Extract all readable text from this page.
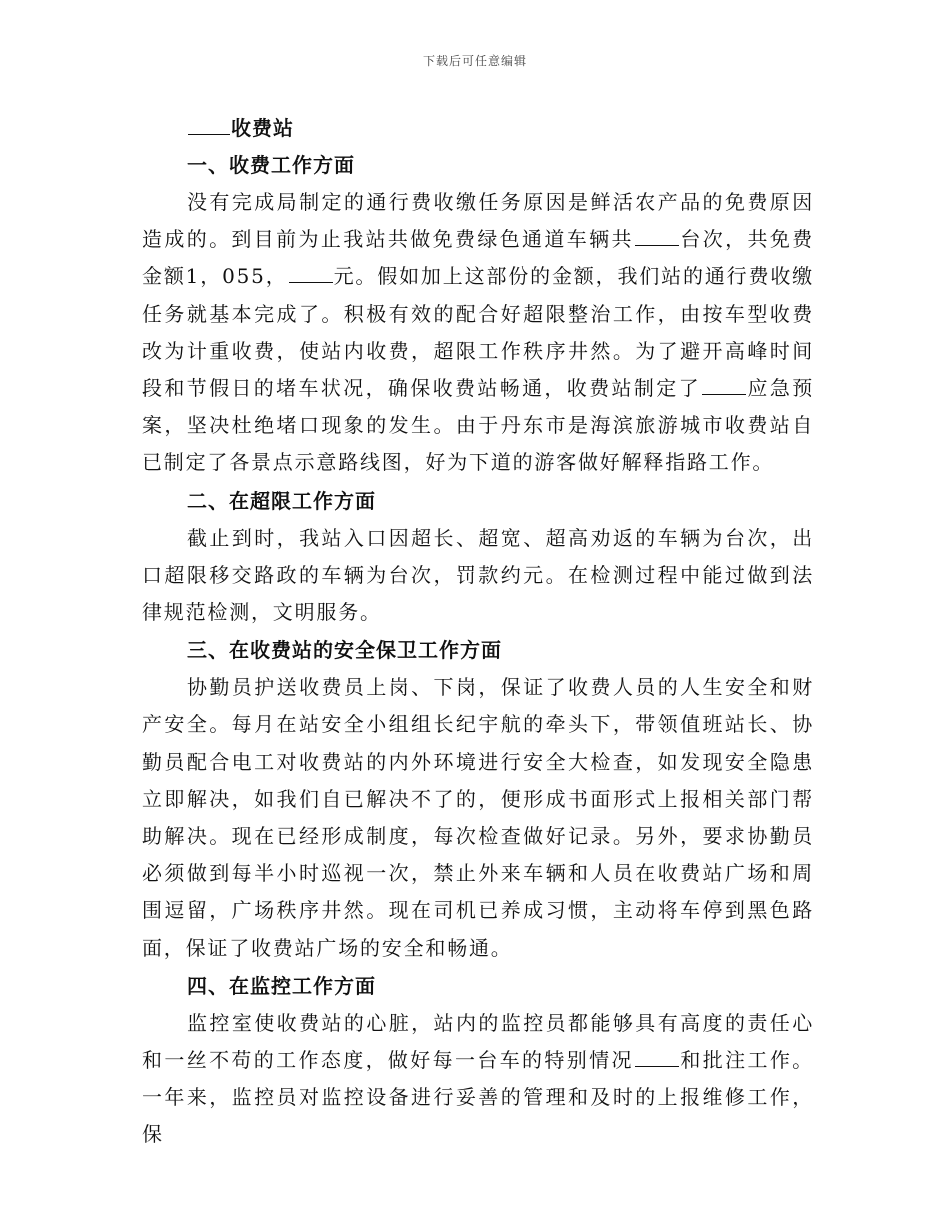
下载后可任意编辑
收费站
一、收费工作方面

没有完成局制定的通行费收缴任务原因是鲜活农产品的免费原因造成的。到目前为止我站共做免费绿色通道车辆共 台次，共免费金额1，055， 元。假如加上这部份的金额，我们站的通行费收缴任务就基本完成了。积极有效的配合好超限整治工作，由按车型收费改为计重收费，使站内收费，超限工作秩序井然。为了避开高峰时间段和节假日的堵车状况，确保收费站畅通，收费站制定了 应急预案，坚决杜绝堵口现象的发生。由于丹东市是海滨旅游城市收费站自已制定了各景点示意路线图，好为下道的游客做好解释指路工作。

二、在超限工作方面

截止到时，我站入口因超长、超宽、超高劝返的车辆为台次，出口超限移交路政的车辆为台次，罚款约元。在检测过程中能过做到法律规范检测，文明服务。

三、在收费站的安全保卫工作方面

协勤员护送收费员上岗、下岗，保证了收费人员的人生安全和财产安全。每月在站安全小组组长纪宇航的牵头下，带领值班站长、协勤员配合电工对收费站的内外环境进行安全大检查，如发现安全隐患立即解决，如我们自已解决不了的，便形成书面形式上报相关部门帮助解决。现在已经形成制度，每次检查做好记录。另外，要求协勤员必须做到每半小时巡视一次，禁止外来车辆和人员在收费站广场和周围逗留，广场秩序井然。现在司机已养成习惯，主动将车停到黑色路面，保证了收费站广场的安全和畅通。

四、在监控工作方面

监控室使收费站的心脏，站内的监控员都能够具有高度的责任心和一丝不苟的工作态度，做好每一台车的特别情况 和批注工作。一年来，监控员对监控设备进行妥善的管理和及时的上报维修工作，保
